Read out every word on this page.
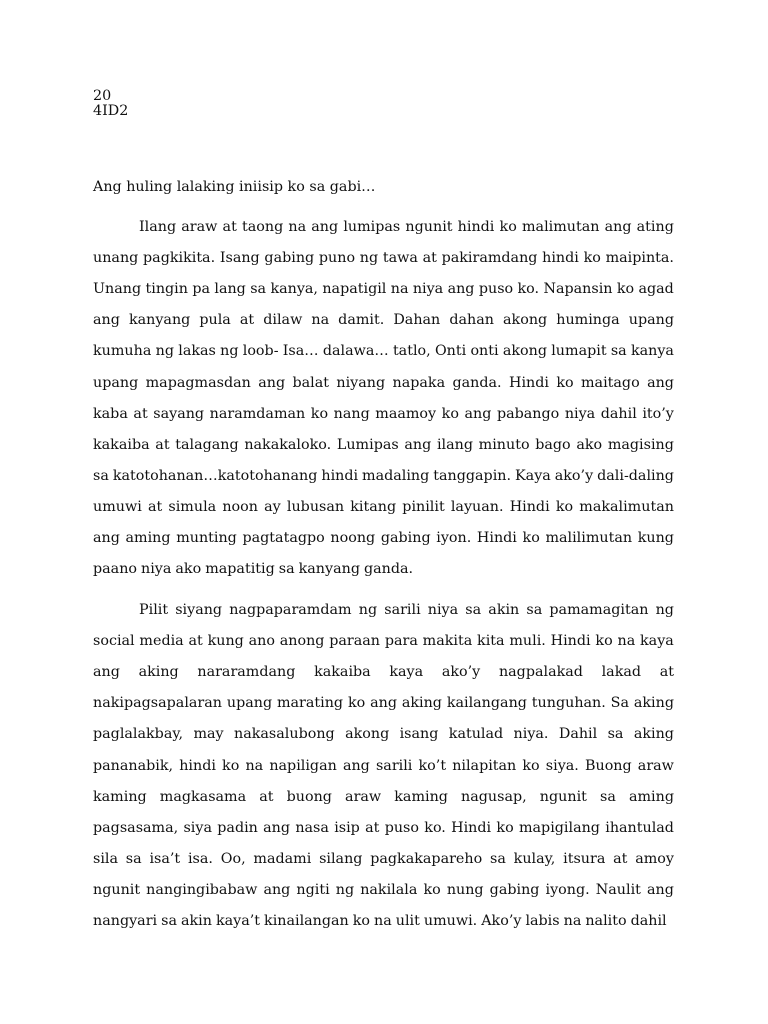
20
4ID2
Ang huling lalaking iniisip ko sa gabi…
Ilang araw at taong na ang lumipas ngunit hindi ko malimutan ang ating
unang pagkikita. Isang gabing puno ng tawa at pakiramdang hindi ko maipinta.
Unang tingin pa lang sa kanya, napatigil na niya ang puso ko. Napansin ko agad
ang kanyang pula at dilaw na damit. Dahan dahan akong huminga upang
kumuha ng lakas ng loob- Isa… dalawa… tatlo, Onti onti akong lumapit sa kanya
upang mapagmasdan ang balat niyang napaka ganda. Hindi ko maitago ang
kaba at sayang naramdaman ko nang maamoy ko ang pabango niya dahil ito’y
kakaiba at talagang nakakaloko. Lumipas ang ilang minuto bago ako magising
sa katotohanan…katotohanang hindi madaling tanggapin. Kaya ako’y dali-daling
umuwi at simula noon ay lubusan kitang pinilit layuan. Hindi ko makalimutan
ang aming munting pagtatagpo noong gabing iyon. Hindi ko malilimutan kung
paano niya ako mapatitig sa kanyang ganda.
Pilit siyang nagpaparamdam ng sarili niya sa akin sa pamamagitan ng
social media at kung ano anong paraan para makita kita muli. Hindi ko na kaya
ang aking nararamdang kakaiba kaya ako’y nagpalakad lakad at
nakipagsapalaran upang marating ko ang aking kailangang tunguhan. Sa aking
paglalakbay, may nakasalubong akong isang katulad niya. Dahil sa aking
pananabik, hindi ko na napiligan ang sarili ko’t nilapitan ko siya. Buong araw
kaming magkasama at buong araw kaming nagusap, ngunit sa aming
pagsasama, siya padin ang nasa isip at puso ko. Hindi ko mapigilang ihantulad
sila sa isa’t isa. Oo, madami silang pagkakapareho sa kulay, itsura at amoy
ngunit nangingibabaw ang ngiti ng nakilala ko nung gabing iyong. Naulit ang
nangyari sa akin kaya’t kinailangan ko na ulit umuwi. Ako’y labis na nalito dahil
